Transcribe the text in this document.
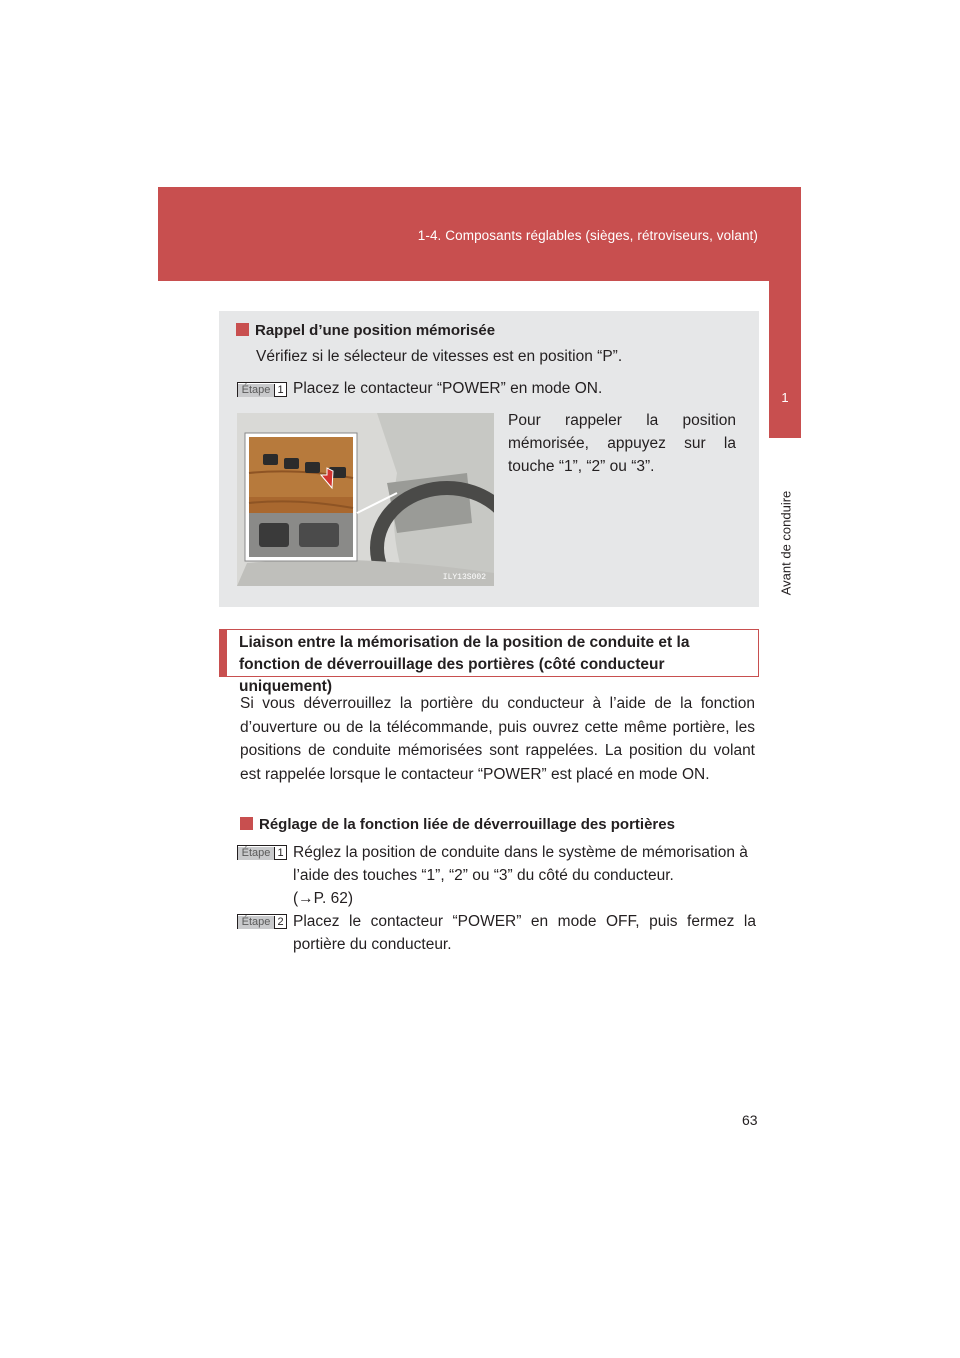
1-4. Composants réglables (sièges, rétroviseurs, volant)
1
Avant de conduire
Rappel d’une position mémorisée
Vérifiez si le sélecteur de vitesses est en position “P”.
Étape 1 Placez le contacteur “POWER” en mode ON.
ILY13S002
Pour rappeler la position mémorisée, appuyez sur la touche “1”, “2” ou “3”.
Liaison entre la mémorisation de la position de conduite et la fonction de déverrouillage des portières (côté conducteur uniquement)
Si vous déverrouillez la portière du conducteur à l’aide de la fonction d’ouverture ou de la télécommande, puis ouvrez cette même portière, les positions de conduite mémorisées sont rappelées. La position du volant est rappelée lorsque le contacteur “POWER” est placé en mode ON.
Réglage de la fonction liée de déverrouillage des portières
Étape 1 Réglez la position de conduite dans le système de mémorisation à l’aide des touches “1”, “2” ou “3” du côté du conducteur.
(→P. 62)
Étape 2 Placez le contacteur “POWER” en mode OFF, puis fermez la portière du conducteur.
63
